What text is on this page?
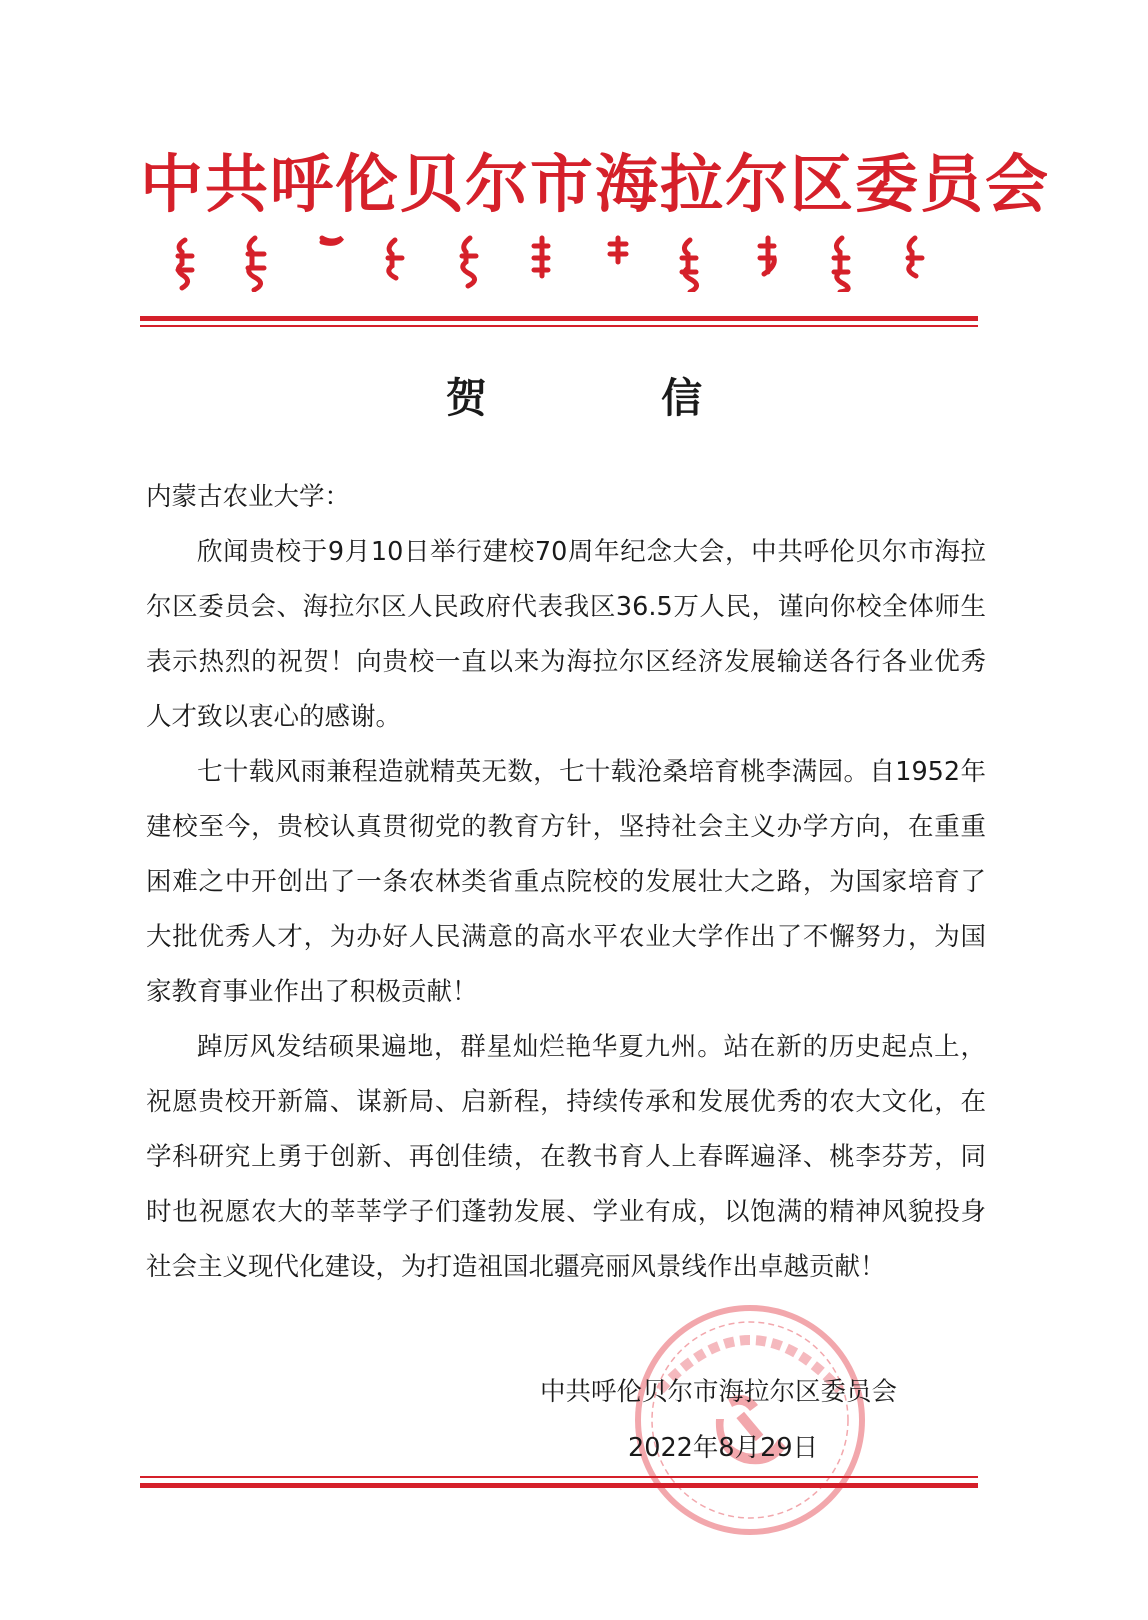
中共呼伦贝尔市海拉尔区委员会
贺 信

内蒙古农业大学：

欣闻贵校于9月10日举行建校70周年纪念大会，中共呼伦贝尔市海拉尔区委员会、海拉尔区人民政府代表我区36.5万人民，谨向你校全体师生表示热烈的祝贺！向贵校一直以来为海拉尔区经济发展输送各行各业优秀人才致以衷心的感谢。

七十载风雨兼程造就精英无数，七十载沧桑培育桃李满园。自1952年建校至今，贵校认真贯彻党的教育方针，坚持社会主义办学方向，在重重困难之中开创出了一条农林类省重点院校的发展壮大之路，为国家培育了大批优秀人才，为办好人民满意的高水平农业大学作出了不懈努力，为国家教育事业作出了积极贡献！

踔厉风发结硕果遍地，群星灿烂艳华夏九州。站在新的历史起点上，祝愿贵校开新篇、谋新局、启新程，持续传承和发展优秀的农大文化，在学科研究上勇于创新、再创佳绩，在教书育人上春晖遍泽、桃李芬芳，同时也祝愿农大的莘莘学子们蓬勃发展、学业有成，以饱满的精神风貌投身社会主义现代化建设，为打造祖国北疆亮丽风景线作出卓越贡献！

中共呼伦贝尔市海拉尔区委员会
2022年8月29日
